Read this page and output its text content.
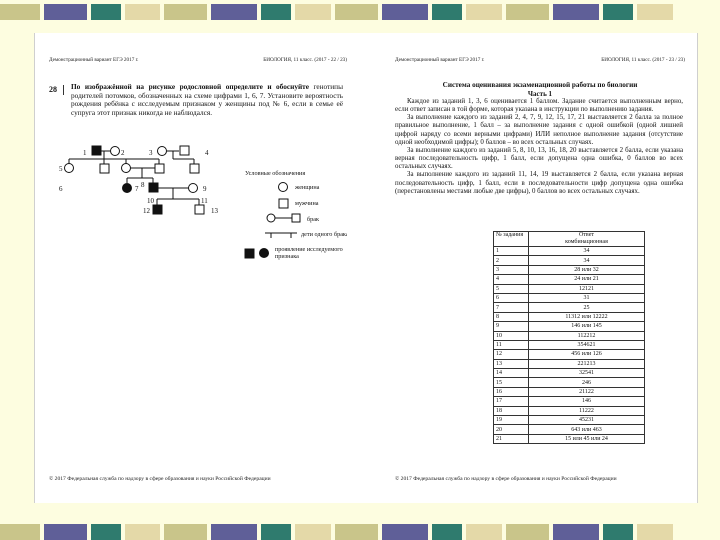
Демонстрационный вариант ЕГЭ 2017 г.	БИОЛОГИЯ, 11 класс. (2017 - 22 / 23)
28	По изображённой на рисунке родословной определите и обоснуйте генотипы родителей потомков, обозначенных на схеме цифрами 1, 6, 7. Установите вероятность рождения ребёнка с исследуемым признаком у женщины под № 6, если в семье её супруга этот признак никогда не наблюдался.
1	2	3	4
5
6	7 8	9
10	11
12	13
Условные обозначения
женщина
мужчина
брак
дети одного брака
проявление исследуемого признака
© 2017 Федеральная служба по надзору в сфере образования и науки Российской Федерации
Демонстрационный вариант ЕГЭ 2017 г.	БИОЛОГИЯ, 11 класс. (2017 - 23 / 23)
Система оценивания экзаменационной работы по биологии
Часть 1

Каждое из заданий 1, 3, 6 оценивается 1 баллом. Задание считается выполненным верно, если ответ записан в той форме, которая указана в инструкции по выполнению задания.

За выполнение каждого из заданий 2, 4, 7, 9, 12, 15, 17, 21 выставляется 2 балла за полное правильное выполнение, 1 балл – за выполнение задания с одной ошибкой (одной лишней цифрой наряду со всеми верными цифрами) ИЛИ неполное выполнение задания (отсутствие одной необходимой цифры); 0 баллов – во всех остальных случаях.

За выполнение каждого из заданий 5, 8, 10, 13, 16, 18, 20 выставляется 2 балла, если указана верная последовательность цифр, 1 балл, если допущена одна ошибка, 0 баллов во всех остальных случаях.

За выполнение каждого из заданий 11, 14, 19 выставляется 2 балла, если указана верная последовательность цифр, 1 балл, если в последовательности цифр допущена одна ошибка (перестановлены местами любые две цифры), 0 баллов во всех остальных случаях.

№ задания	Ответ
комбинационная

1	34
2	34
3	28 или 32
4	24 или 21
5	12121
6	31
7	25
8	11312 или 12222
9	146 или 145
10	112212
11	354621
12	456 или 126
13	221213
14	32541
15	246
16	21122
17	146
18	11222
19	45231
20	643 или 463
21	15 или 45 или 24
© 2017 Федеральная служба по надзору в сфере образования и науки Российской Федерации
